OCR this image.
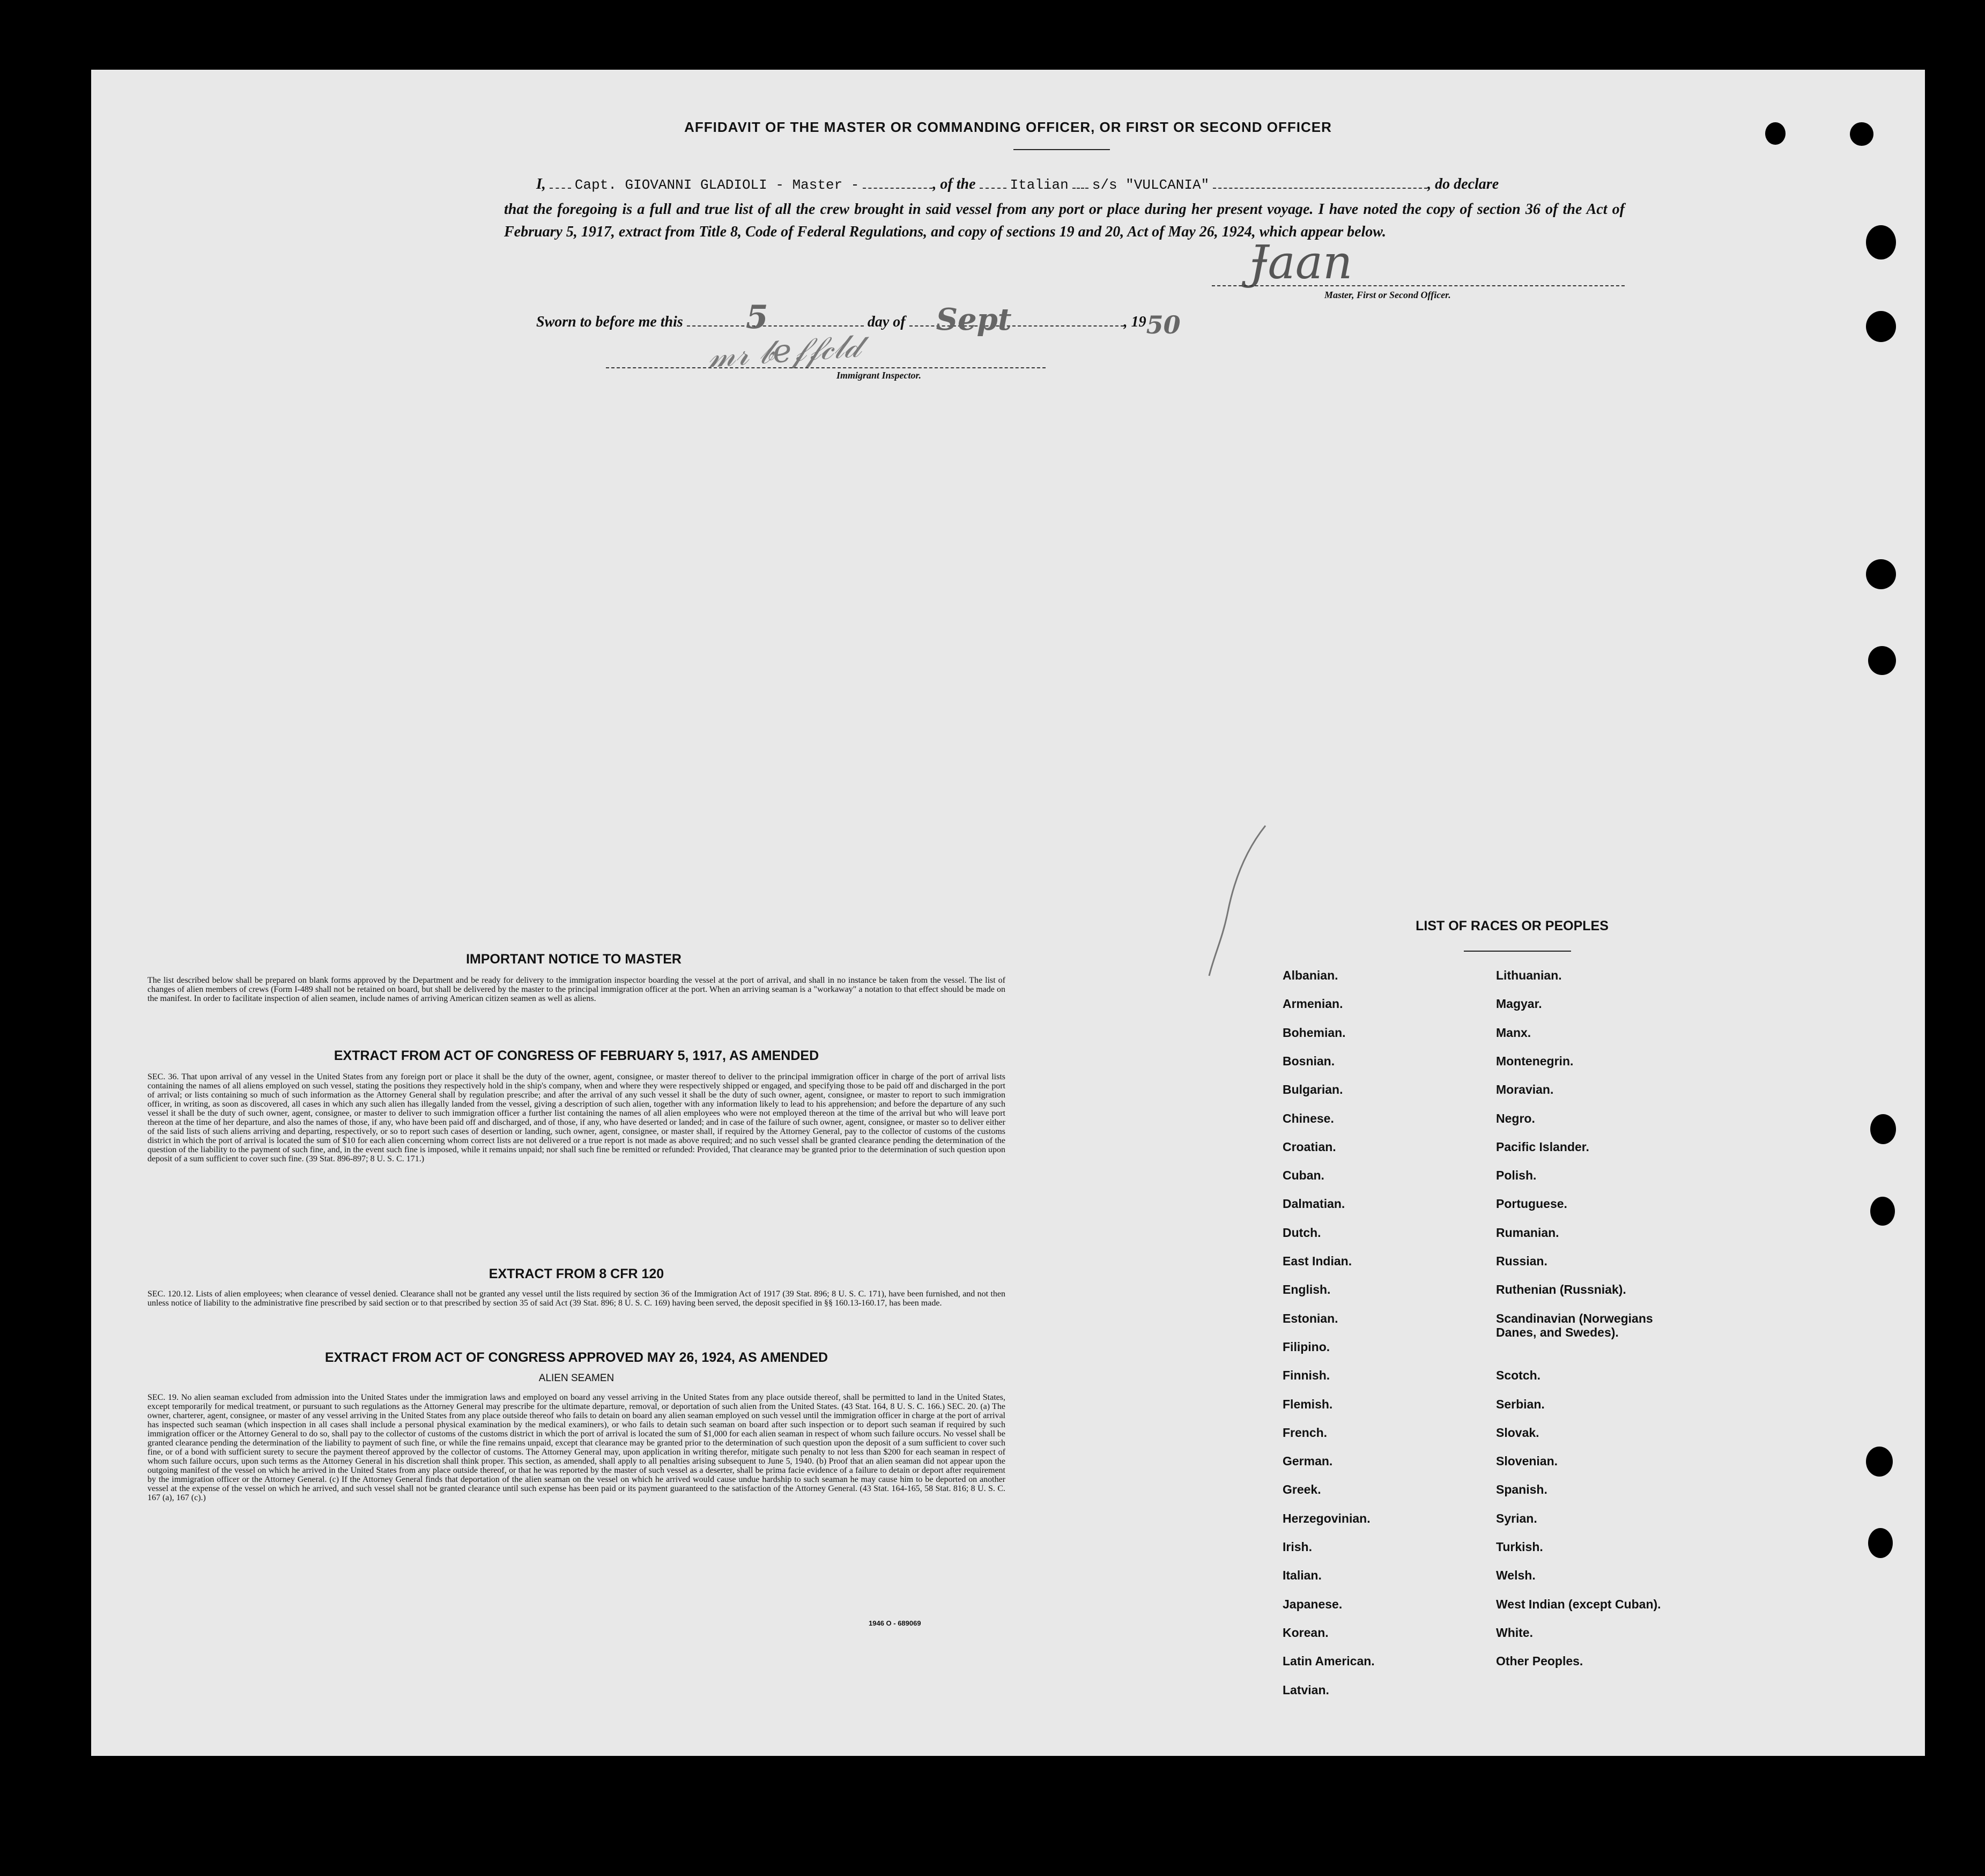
AFFIDAVIT OF THE MASTER OR COMMANDING OFFICER, OR FIRST OR SECOND OFFICER
I, Capt. GIOVANNI GLADIOLI - Master -	, of the Italian s/s "VULCANIA"	, do declare
that the foregoing is a full and true list of all the crew brought in said vessel from any port or place during her present voyage. I have noted the copy of section 36 of the Act of February 5, 1917, extract from Title 8, Code of Federal Regulations, and copy of sections 19 and 20, Act of May 26, 1924, which appear below.
Ɉaan
Master, First or Second Officer.
Sworn to before me this 5	day of Sept	, 19 50
𝓂𝓇 𝒷𝑒𝒻𝒻𝒸𝓁𝒹
Immigrant Inspector.
IMPORTANT NOTICE TO MASTER
The list described below shall be prepared on blank forms approved by the Department and be ready for delivery to the immigration inspector boarding the vessel at the port of arrival, and shall in no instance be taken from the vessel. The list of changes of alien members of crews (Form I-489 shall not be retained on board, but shall be delivered by the master to the principal immigration officer at the port. When an arriving seaman is a "workaway" a notation to that effect should be made on the manifest. In order to facilitate inspection of alien seamen, include names of arriving American citizen seamen as well as aliens.
EXTRACT FROM ACT OF CONGRESS OF FEBRUARY 5, 1917, AS AMENDED
SEC. 36. That upon arrival of any vessel in the United States from any foreign port or place it shall be the duty of the owner, agent, consignee, or master thereof to deliver to the principal immigration officer in charge of the port of arrival lists containing the names of all aliens employed on such vessel, stating the positions they respectively hold in the ship's company, when and where they were respectively shipped or engaged, and specifying those to be paid off and discharged in the port of arrival; or lists containing so much of such information as the Attorney General shall by regulation prescribe; and after the arrival of any such vessel it shall be the duty of such owner, agent, consignee, or master to report to such immigration officer, in writing, as soon as discovered, all cases in which any such alien has illegally landed from the vessel, giving a description of such alien, together with any information likely to lead to his apprehension; and before the departure of any such vessel it shall be the duty of such owner, agent, consignee, or master to deliver to such immigration officer a further list containing the names of all alien employees who were not employed thereon at the time of the arrival but who will leave port thereon at the time of her departure, and also the names of those, if any, who have been paid off and discharged, and of those, if any, who have deserted or landed; and in case of the failure of such owner, agent, consignee, or master so to deliver either of the said lists of such aliens arriving and departing, respectively, or so to report such cases of desertion or landing, such owner, agent, consignee, or master shall, if required by the Attorney General, pay to the collector of customs of the customs district in which the port of arrival is located the sum of $10 for each alien concerning whom correct lists are not delivered or a true report is not made as above required; and no such vessel shall be granted clearance pending the determination of the question of the liability to the payment of such fine, and, in the event such fine is imposed, while it remains unpaid; nor shall such fine be remitted or refunded: Provided, That clearance may be granted prior to the determination of such question upon deposit of a sum sufficient to cover such fine. (39 Stat. 896-897; 8 U. S. C. 171.)
EXTRACT FROM 8 CFR 120
SEC. 120.12. Lists of alien employees; when clearance of vessel denied. Clearance shall not be granted any vessel until the lists required by section 36 of the Immigration Act of 1917 (39 Stat. 896; 8 U. S. C. 171), have been furnished, and not then unless notice of liability to the administrative fine prescribed by said section or to that prescribed by section 35 of said Act (39 Stat. 896; 8 U. S. C. 169) having been served, the deposit specified in §§ 160.13-160.17, has been made.
EXTRACT FROM ACT OF CONGRESS APPROVED MAY 26, 1924, AS AMENDED
ALIEN SEAMEN
SEC. 19. No alien seaman excluded from admission into the United States under the immigration laws and employed on board any vessel arriving in the United States from any place outside thereof, shall be permitted to land in the United States, except temporarily for medical treatment, or pursuant to such regulations as the Attorney General may prescribe for the ultimate departure, removal, or deportation of such alien from the United States. (43 Stat. 164, 8 U. S. C. 166.) SEC. 20. (a) The owner, charterer, agent, consignee, or master of any vessel arriving in the United States from any place outside thereof who fails to detain on board any alien seaman employed on such vessel until the immigration officer in charge at the port of arrival has inspected such seaman (which inspection in all cases shall include a personal physical examination by the medical examiners), or who fails to detain such seaman on board after such inspection or to deport such seaman if required by such immigration officer or the Attorney General to do so, shall pay to the collector of customs of the customs district in which the port of arrival is located the sum of $1,000 for each alien seaman in respect of whom such failure occurs. No vessel shall be granted clearance pending the determination of the liability to payment of such fine, or while the fine remains unpaid, except that clearance may be granted prior to the determination of such question upon the deposit of a sum sufficient to cover such fine, or of a bond with sufficient surety to secure the payment thereof approved by the collector of customs. The Attorney General may, upon application in writing therefor, mitigate such penalty to not less than $200 for each seaman in respect of whom such failure occurs, upon such terms as the Attorney General in his discretion shall think proper. This section, as amended, shall apply to all penalties arising subsequent to June 5, 1940. (b) Proof that an alien seaman did not appear upon the outgoing manifest of the vessel on which he arrived in the United States from any place outside thereof, or that he was reported by the master of such vessel as a deserter, shall be prima facie evidence of a failure to detain or deport after requirement by the immigration officer or the Attorney General. (c) If the Attorney General finds that deportation of the alien seaman on the vessel on which he arrived would cause undue hardship to such seaman he may cause him to be deported on another vessel at the expense of the vessel on which he arrived, and such vessel shall not be granted clearance until such expense has been paid or its payment guaranteed to the satisfaction of the Attorney General. (43 Stat. 164-165, 58 Stat. 816; 8 U. S. C. 167 (a), 167 (c).)
1946 O - 689069
LIST OF RACES OR PEOPLES
Albanian.
Armenian.
Bohemian.
Bosnian.
Bulgarian.
Chinese.
Croatian.
Cuban.
Dalmatian.
Dutch.
East Indian.
English.
Estonian.
Filipino.
Finnish.
Flemish.
French.
German.
Greek.
Herzegovinian.
Irish.
Italian.
Japanese.
Korean.
Latin American.
Latvian.
Lithuanian.
Magyar.
Manx.
Montenegrin.
Moravian.
Negro.
Pacific Islander.
Polish.
Portuguese.
Rumanian.
Russian.
Ruthenian (Russniak).
Scandinavian (Norwegians Danes, and Swedes).
Scotch.
Serbian.
Slovak.
Slovenian.
Spanish.
Syrian.
Turkish.
Welsh.
West Indian (except Cuban).
White.
Other Peoples.
